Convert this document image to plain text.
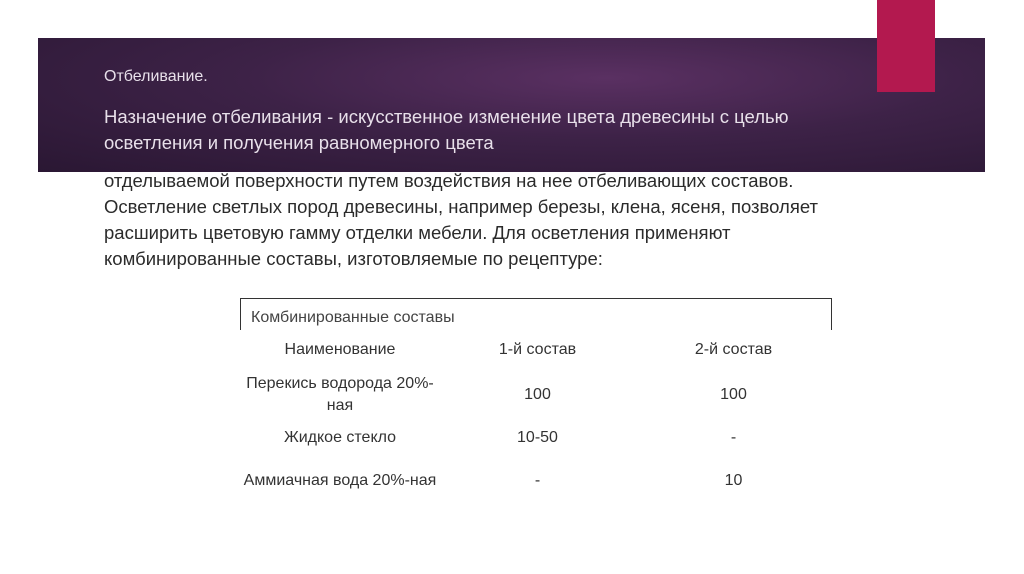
Отбеливание.

Назначение отбеливания - искусственное изменение цвета древесины с целью осветления и получения равномерного цвета

отделываемой поверхности путем воздействия на нее отбеливающих составов. Осветление светлых пород древесины, например березы, клена, ясеня, позволяет расширить цветовую гамму отделки мебели. Для осветления применяют комбинированные составы, изготовляемые по рецептуре:

Комбинированные составы
Наименование	1-й состав	2-й состав
Перекись водорода 20%-ная	100	100
Жидкое стекло	10-50	-
Аммиачная вода 20%-ная	-	10
